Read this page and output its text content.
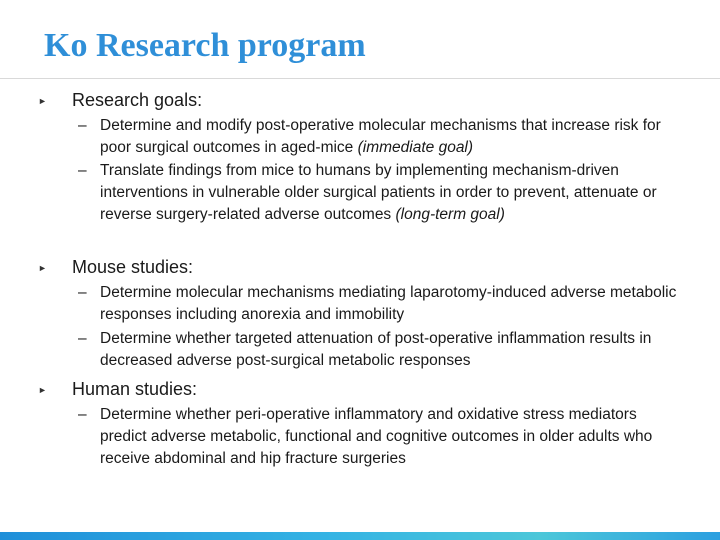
Ko Research program
► Research goals:
– Determine and modify post-operative molecular mechanisms that increase risk for poor surgical outcomes in aged-mice (immediate goal)

– Translate findings from mice to humans by implementing mechanism-driven interventions in vulnerable older surgical patients in order to prevent, attenuate or reverse surgery-related adverse outcomes (long-term goal)

► Mouse studies:
– Determine molecular mechanisms mediating laparotomy-induced adverse metabolic responses including anorexia and immobility

– Determine whether targeted attenuation of post-operative inflammation results in decreased adverse post-surgical metabolic responses

► Human studies:
– Determine whether peri-operative inflammatory and oxidative stress mediators predict adverse metabolic, functional and cognitive outcomes in older adults who receive abdominal and hip fracture surgeries
